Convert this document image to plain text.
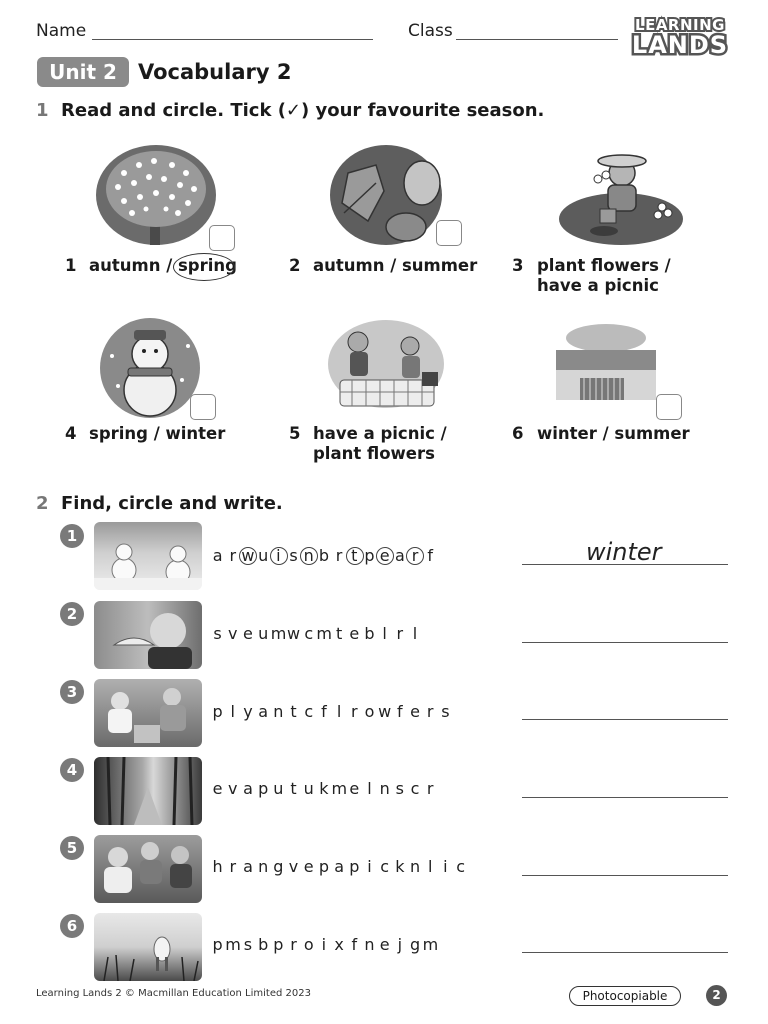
Name	Class	LEARNING
LANDS
Unit 2	Vocabulary 2
1 Read and circle. Tick (✓) your favourite season.
1 autumn / spring	2 autumn / summer 3 plant flowers /
have a picnic
4 spring / winter	5 have a picnic /
plant flowers
6 winter / summer
2 Find, circle and write.
1
a r w u i s n b r t p e a r f	winter
2
s v e u m w c m t e b l r l
3
p l y a n t c f l r o w f e r s
4
e v a p u t u k m e l n s c r
5
h r a n g v e p a p i c k n l i c
6
p m s b p r o i x f n e j g m
Learning Lands 2 © Macmillan Education Limited 2023	Photocopiable	2
